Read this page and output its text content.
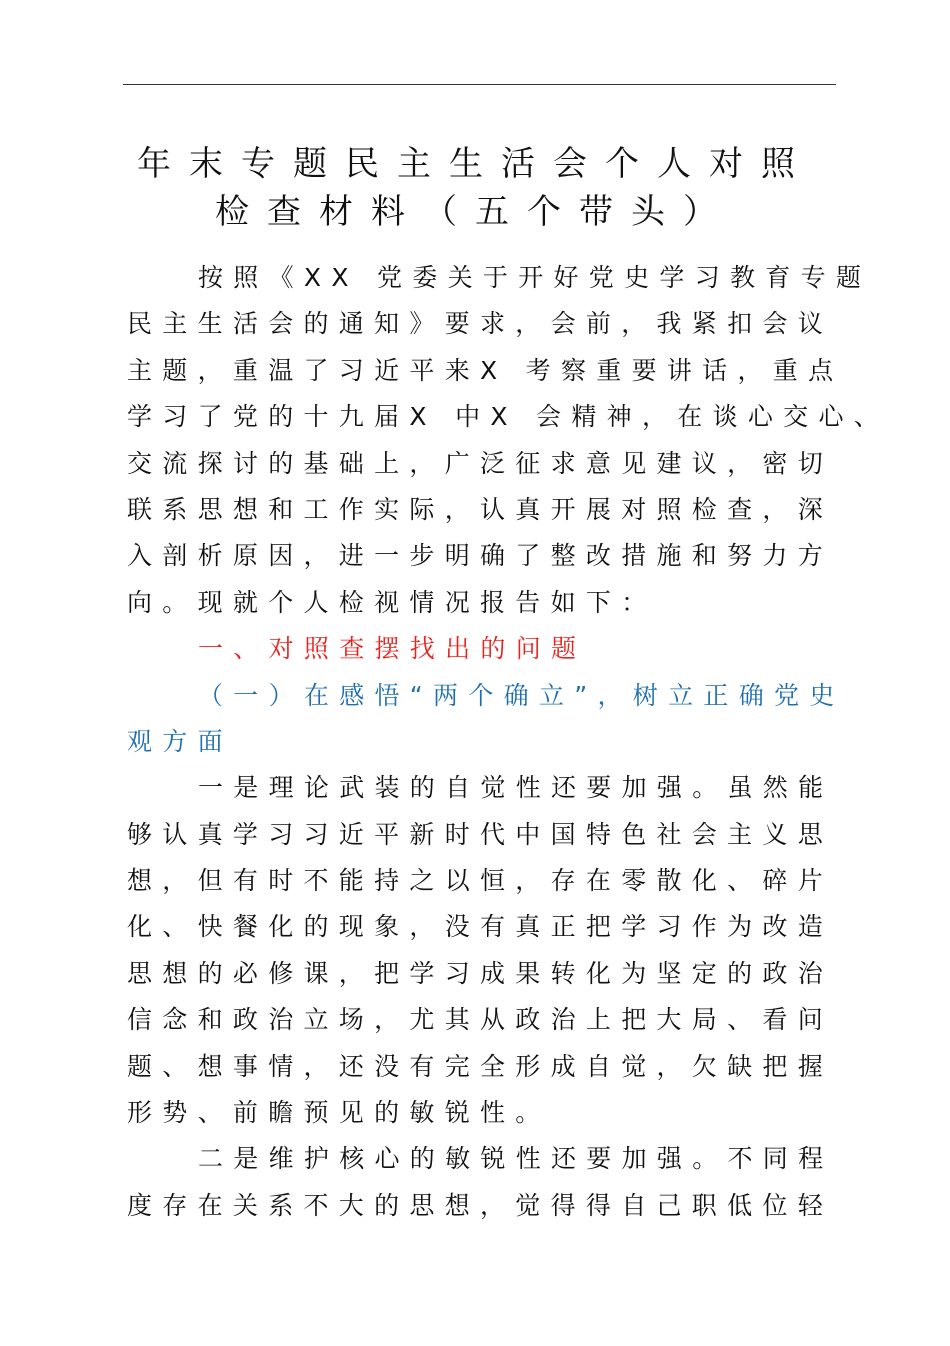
年末专题民主生活会个人对照
检查材料（五个带头）
按照《XX 党委关于开好党史学习教育专题
民主生活会的通知》要求，会前，我紧扣会议
主题，重温了习近平来X 考察重要讲话，重点
学习了党的十九届X 中X 会精神，在谈心交心、
交流探讨的基础上，广泛征求意见建议，密切
联系思想和工作实际，认真开展对照检查，深
入剖析原因，进一步明确了整改措施和努力方
向。现就个人检视情况报告如下：
一、对照查摆找出的问题
（一）在感悟“两个确立”，树立正确党史
观方面
一是理论武装的自觉性还要加强。虽然能
够认真学习习近平新时代中国特色社会主义思
想，但有时不能持之以恒，存在零散化、碎片
化、快餐化的现象，没有真正把学习作为改造
思想的必修课，把学习成果转化为坚定的政治
信念和政治立场，尤其从政治上把大局、看问
题、想事情，还没有完全形成自觉，欠缺把握
形势、前瞻预见的敏锐性。
二是维护核心的敏锐性还要加强。不同程
度存在关系不大的思想，觉得得自己职低位轻
